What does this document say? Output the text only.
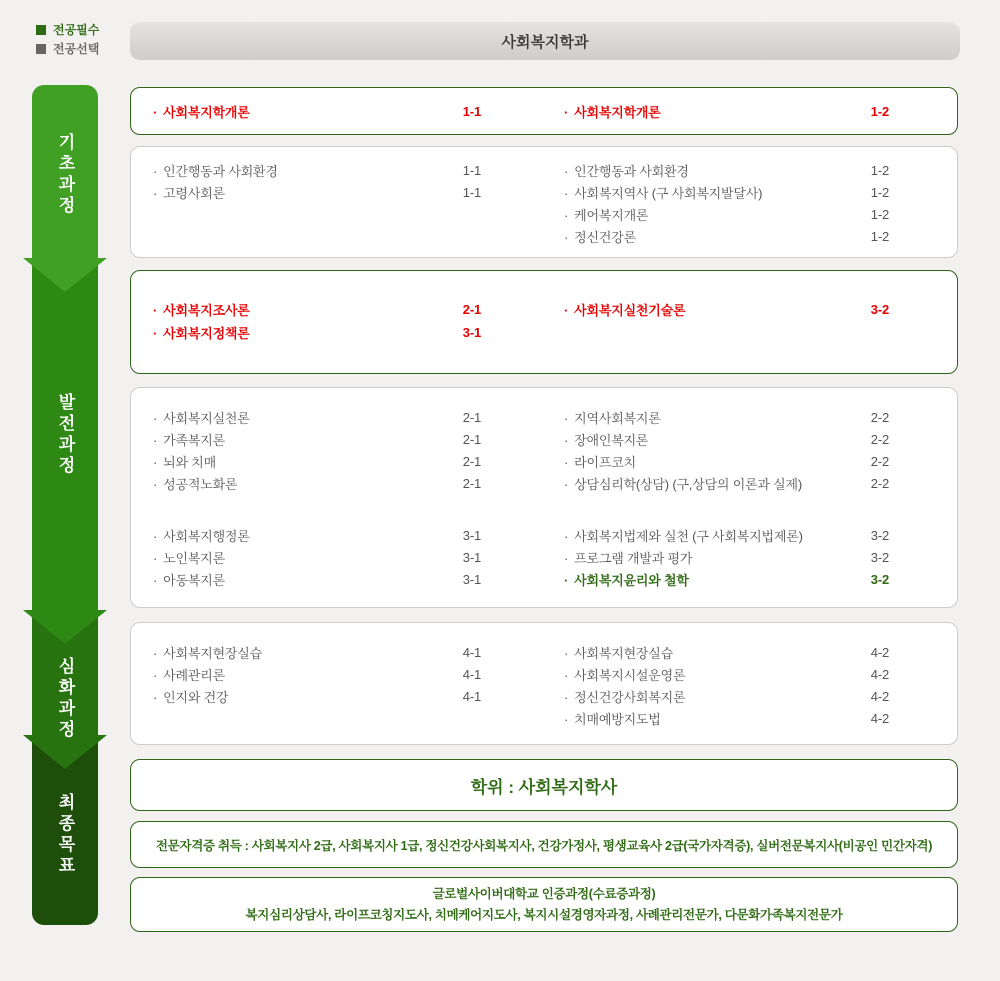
전공필수
전공선택	사회복지학과
기초과정
발전과정
심화과정
최종목표
· 사회복지학개론	1-1	· 사회복지학개론	1-2
· 인간행동과 사회환경	1-1
· 고령사회론	1-1
· 인간행동과 사회환경	1-2
· 사회복지역사 (구 사회복지발달사)	1-2
· 케어복지개론	1-2
· 정신건강론	1-2
· 사회복지조사론	2-1
· 사회복지정책론	3-1
· 사회복지실천기술론	3-2
· 사회복지실천론	2-1
· 가족복지론	2-1
· 뇌와 치매	2-1
· 성공적노화론	2-1
· 사회복지행정론	3-1
· 노인복지론	3-1
· 아동복지론	3-1
· 지역사회복지론	2-2
· 장애인복지론	2-2
· 라이프코치	2-2
· 상담심리학(상담) (구,상담의 이론과 실제)	2-2
· 사회복지법제와 실천 (구 사회복지법제론)	3-2
· 프로그램 개발과 평가	3-2
· 사회복지윤리와 철학	3-2
· 사회복지현장실습	4-1
· 사례관리론	4-1
· 인지와 건강	4-1
· 사회복지현장실습	4-2
· 사회복지시설운영론	4-2
· 정신건강사회복지론	4-2
· 치매예방지도법	4-2
학위 : 사회복지학사
전문자격증 취득 : 사회복지사 2급, 사회복지사 1급, 정신건강사회복지사, 건강가정사, 평생교육사 2급(국가자격증), 실버전문복지사(비공인 민간자격)
글로벌사이버대학교 인증과정(수료증과정)
복지심리상담사, 라이프코칭지도사, 치메케어지도사, 복지시설경영자과정, 사례관리전문가, 다문화가족복지전문가
